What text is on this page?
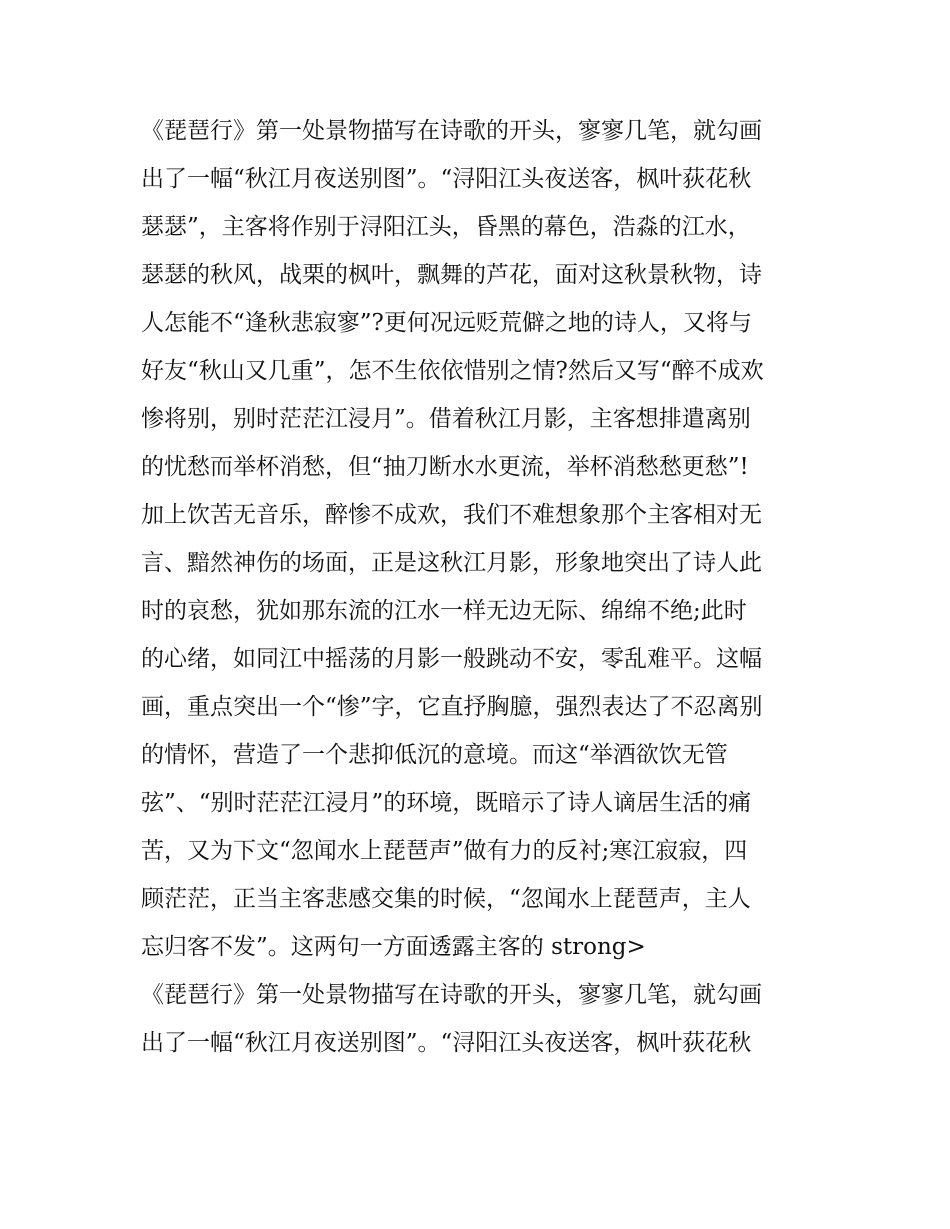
《琵琶行》第一处景物描写在诗歌的开头，寥寥几笔，就勾画
出了一幅“秋江月夜送别图”。“浔阳江头夜送客，枫叶荻花秋
瑟瑟”，主客将作别于浔阳江头，昏黑的幕色，浩淼的江水，
瑟瑟的秋风，战栗的枫叶，飘舞的芦花，面对这秋景秋物，诗
人怎能不“逢秋悲寂寥”?更何况远贬荒僻之地的诗人，又将与
好友“秋山又几重”，怎不生依依惜别之情?然后又写“醉不成欢
惨将别，别时茫茫江浸月”。借着秋江月影，主客想排遣离别
的忧愁而举杯消愁，但“抽刀断水水更流，举杯消愁愁更愁”!
加上饮苦无音乐，醉惨不成欢，我们不难想象那个主客相对无
言、黯然神伤的场面，正是这秋江月影，形象地突出了诗人此
时的哀愁，犹如那东流的江水一样无边无际、绵绵不绝;此时
的心绪，如同江中摇荡的月影一般跳动不安，零乱难平。这幅
画，重点突出一个“惨”字，它直抒胸臆，强烈表达了不忍离别
的情怀，营造了一个悲抑低沉的意境。而这“举酒欲饮无管
弦”、“别时茫茫江浸月”的环境，既暗示了诗人谪居生活的痛
苦，又为下文“忽闻水上琵琶声”做有力的反衬;寒江寂寂，四
顾茫茫，正当主客悲感交集的时候，“忽闻水上琵琶声，主人
忘归客不发”。这两句一方面透露主客的 strong>
《琵琶行》第一处景物描写在诗歌的开头，寥寥几笔，就勾画
出了一幅“秋江月夜送别图”。“浔阳江头夜送客，枫叶荻花秋
